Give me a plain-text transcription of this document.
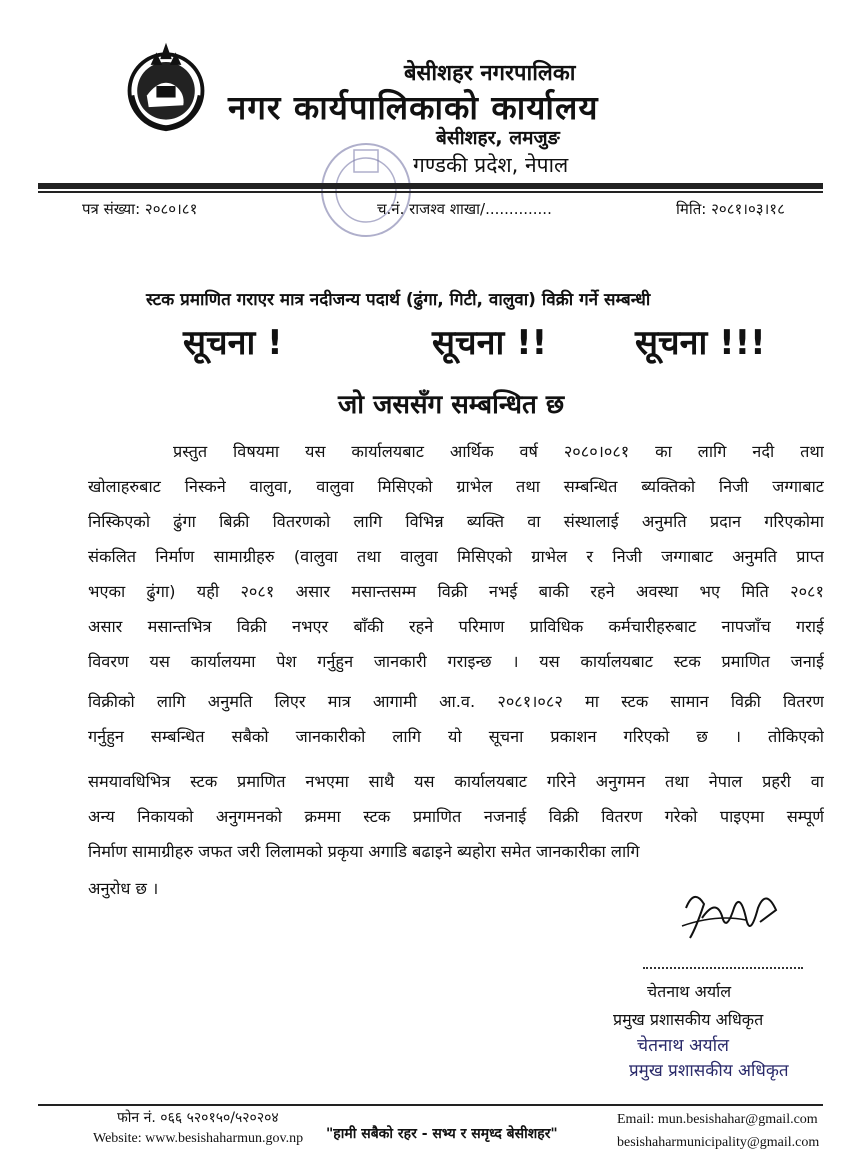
बेसीशहर नगरपालिका
नगर कार्यपालिकाको कार्यालय
बेसीशहर, लमजुङ
गण्डकी प्रदेश, नेपाल
पत्र संख्या: २०८०।८१	च.नं. राजश्व शाखा/..............	मिति: २०८१।०३।१८
स्टक प्रमाणित गराएर मात्र नदीजन्य पदार्थ (ढुंगा, गिटी, वालुवा) विक्री गर्ने सम्बन्धी
सूचना !	सूचना !!	सूचना !!!
जो जससँग सम्बन्धित छ
प्रस्तुत विषयमा यस कार्यालयबाट आर्थिक वर्ष २०८०।०८१ का लागि नदी तथा
खोलाहरुबाट निस्कने वालुवा, वालुवा मिसिएको ग्राभेल तथा सम्बन्धित ब्यक्तिको निजी जग्गाबाट
निस्किएको ढुंगा बिक्री वितरणको लागि विभिन्न ब्यक्ति वा संस्थालाई अनुमति प्रदान गरिएकोमा
संकलित निर्माण सामाग्रीहरु (वालुवा तथा वालुवा मिसिएको ग्राभेल र निजी जग्गाबाट अनुमति प्राप्त
भएका ढुंगा) यही २०८१ असार मसान्तसम्म विक्री नभई बाकी रहने अवस्था भए मिति २०८१
असार मसान्तभित्र विक्री नभएर बाँकी रहने परिमाण प्राविधिक कर्मचारीहरुबाट नापजाँच गराई
विवरण यस कार्यालयमा पेश गर्नुहुन जानकारी गराइन्छ । यस कार्यालयबाट स्टक प्रमाणित जनाई
विक्रीको लागि अनुमति लिएर मात्र आगामी आ.व. २०८१।०८२ मा स्टक सामान विक्री वितरण
गर्नुहुन सम्बन्धित सबैको जानकारीको लागि यो सूचना प्रकाशन गरिएको छ । तोकिएको
समयावधिभित्र स्टक प्रमाणित नभएमा साथै यस कार्यालयबाट गरिने अनुगमन तथा नेपाल प्रहरी वा
अन्य निकायको अनुगमनको क्रममा स्टक प्रमाणित नजनाई विक्री वितरण गरेको पाइएमा सम्पूर्ण
निर्माण सामाग्रीहरु जफत जरी लिलामको प्रकृया अगाडि बढाइने ब्यहोरा समेत जानकारीका लागि
अनुरोध छ ।
चेतनाथ अर्याल
प्रमुख प्रशासकीय अधिकृत
चेतनाथ अर्याल
प्रमुख प्रशासकीय अधिकृत
फोन नं. ०६६ ५२०१५०/५२०२०४
Website: www.besishaharmun.gov.np "हामी सबैको रहर - सभ्य र समृध्द बेसीशहर"
Email: mun.besishahar@gmail.com
besishaharmunicipality@gmail.com
